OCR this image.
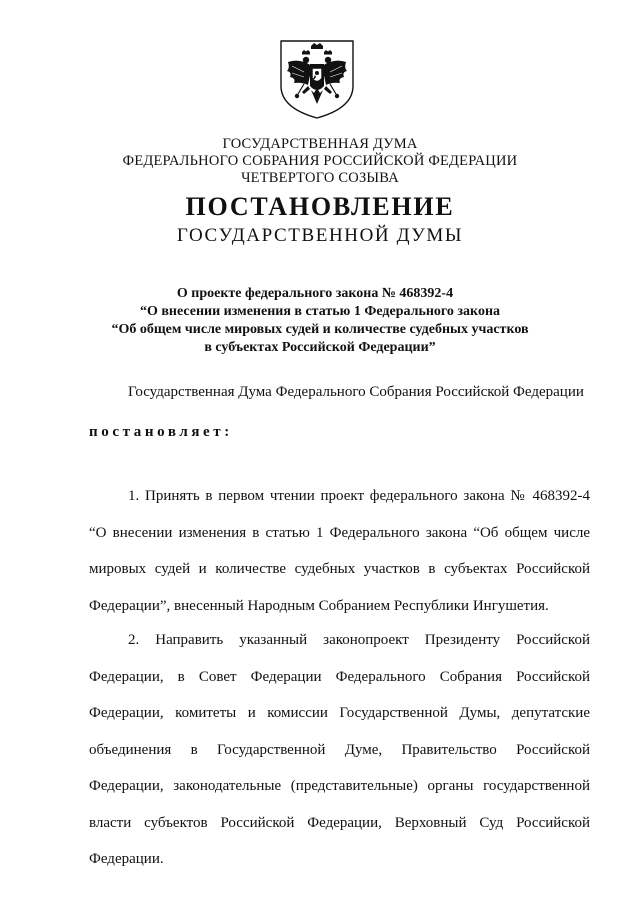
ГОСУДАРСТВЕННАЯ ДУМА
ФЕДЕРАЛЬНОГО СОБРАНИЯ РОССИЙСКОЙ ФЕДЕРАЦИИ
ЧЕТВЕРТОГО СОЗЫВА
ПОСТАНОВЛЕНИЕ
ГОСУДАРСТВЕННОЙ ДУМЫ
О проекте федерального закона № 468392-4
“О внесении изменения в статью 1 Федерального закона
“Об общем числе мировых судей и количестве судебных участков
в субъектах Российской Федерации”
Государственная Дума Федерального Собрания Российской Федерации
постановляет:
1. Принять в первом чтении проект федерального закона № 468392-4
“О внесении изменения в статью 1 Федерального закона “Об общем числе
мировых судей и количестве судебных участков в субъектах Российской
Федерации”, внесенный Народным Собранием Республики Ингушетия.
2. Направить указанный законопроект Президенту Российской
Федерации, в Совет Федерации Федерального Собрания Российской
Федерации, комитеты и комиссии Государственной Думы, депутатские
объединения в Государственной Думе, Правительство Российской
Федерации, законодательные (представительные) органы государственной
власти субъектов Российской Федерации, Верховный Суд Российской
Федерации.
